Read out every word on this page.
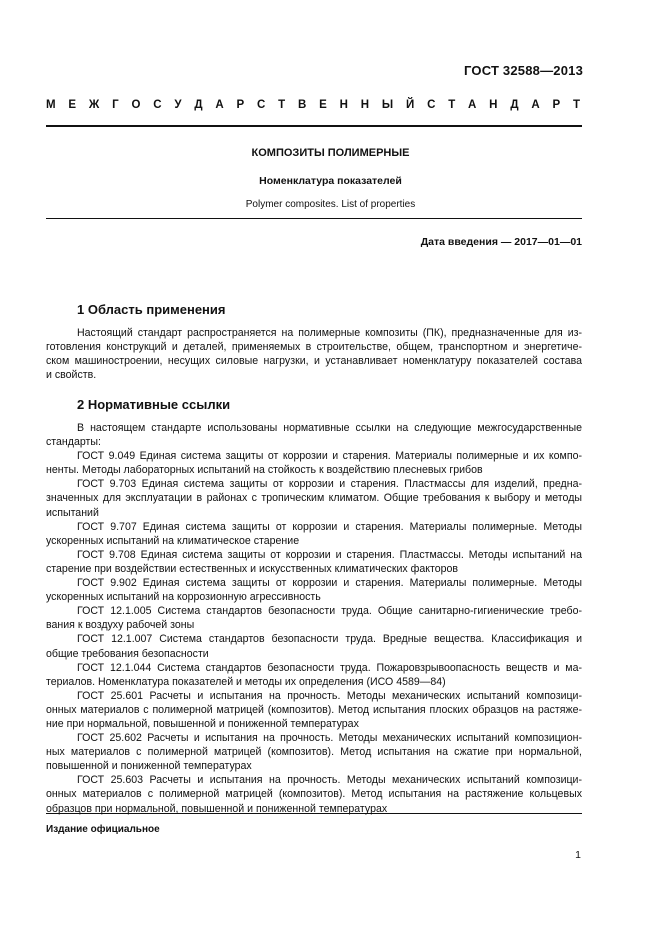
ГОСТ 32588—2013
М Е Ж Г О С У Д А Р С Т В Е Н Н Ы Й С Т А Н Д А Р Т
КОМПОЗИТЫ ПОЛИМЕРНЫЕ
Номенклатура показателей
Polymer composites. List of properties
Дата введения — 2017—01—01
1 Область применения
Настоящий стандарт распространяется на полимерные композиты (ПК), предназначенные для из-
готовления конструкций и деталей, применяемых в строительстве, общем, транспортном и энергетиче-
ском машиностроении, несущих силовые нагрузки, и устанавливает номенклатуру показателей состава
и свойств.
2 Нормативные ссылки
В настоящем стандарте использованы нормативные ссылки на следующие межгосударственные
стандарты:
ГОСТ 9.049 Единая система защиты от коррозии и старения. Материалы полимерные и их компо-
ненты. Методы лабораторных испытаний на стойкость к воздействию плесневых грибов
ГОСТ 9.703 Единая система защиты от коррозии и старения. Пластмассы для изделий, предна-
значенных для эксплуатации в районах с тропическим климатом. Общие требования к выбору и методы
испытаний
ГОСТ 9.707 Единая система защиты от коррозии и старения. Материалы полимерные. Методы
ускоренных испытаний на климатическое старение
ГОСТ 9.708 Единая система защиты от коррозии и старения. Пластмассы. Методы испытаний на
старение при воздействии естественных и искусственных климатических факторов
ГОСТ 9.902 Единая система защиты от коррозии и старения. Материалы полимерные. Методы
ускоренных испытаний на коррозионную агрессивность
ГОСТ 12.1.005 Система стандартов безопасности труда. Общие санитарно-гигиенические требо-
вания к воздуху рабочей зоны
ГОСТ 12.1.007 Система стандартов безопасности труда. Вредные вещества. Классификация и
общие требования безопасности
ГОСТ 12.1.044 Система стандартов безопасности труда. Пожаровзрывоопасность веществ и ма-
териалов. Номенклатура показателей и методы их определения (ИСО 4589—84)
ГОСТ 25.601 Расчеты и испытания на прочность. Методы механических испытаний композици-
онных материалов с полимерной матрицей (композитов). Метод испытания плоских образцов на растяже-
ние при нормальной, повышенной и пониженной температурах
ГОСТ 25.602 Расчеты и испытания на прочность. Методы механических испытаний композицион-
ных материалов с полимерной матрицей (композитов). Метод испытания на сжатие при нормальной,
повышенной и пониженной температурах
ГОСТ 25.603 Расчеты и испытания на прочность. Методы механических испытаний композици-
онных материалов с полимерной матрицей (композитов). Метод испытания на растяжение кольцевых
образцов при нормальной, повышенной и пониженной температурах
Издание официальное
1
